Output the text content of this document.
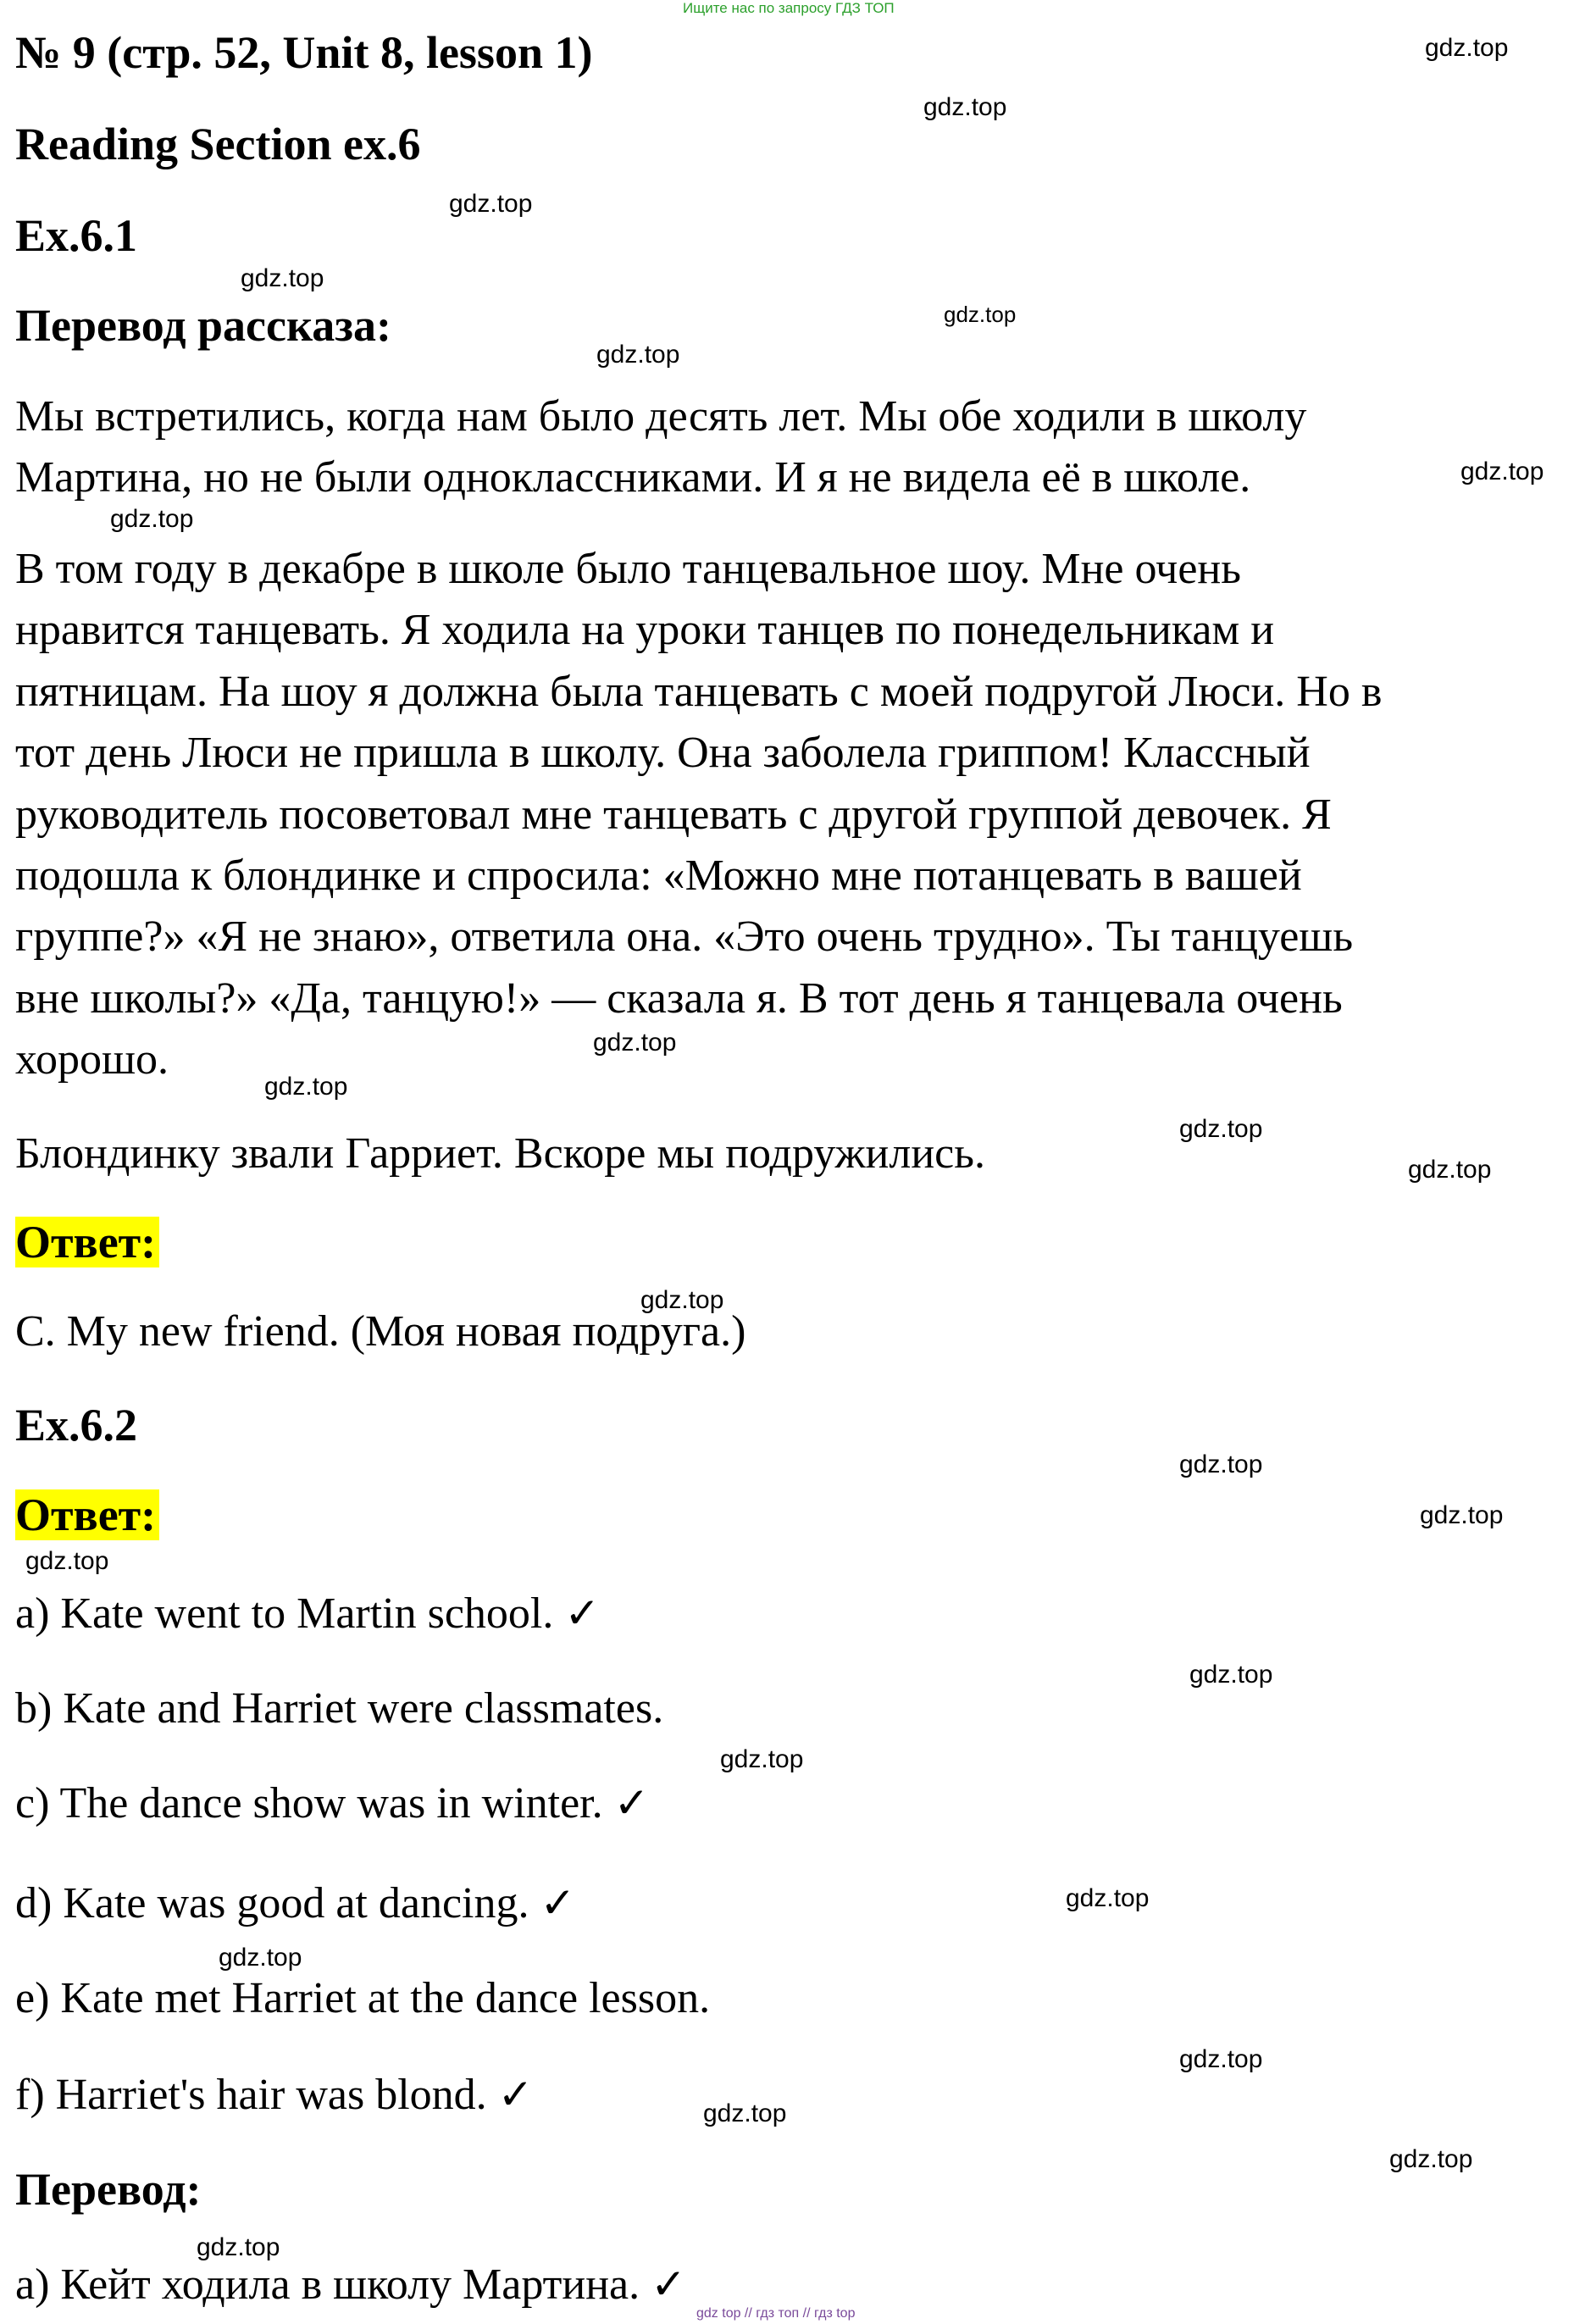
Ищите нас по запросу ГДЗ ТОП
№ 9 (стр. 52, Unit 8, lesson 1)
Reading Section ex.6
Ex.6.1
Перевод рассказа:
Мы встретились, когда нам было десять лет. Мы обе ходили в школу
Мартина, но не были одноклассниками. И я не видела её в школе.
В том году в декабре в школе было танцевальное шоу. Мне очень
нравится танцевать. Я ходила на уроки танцев по понедельникам и
пятницам. На шоу я должна была танцевать с моей подругой Люси. Но в
тот день Люси не пришла в школу. Она заболела гриппом! Классный
руководитель посоветовал мне танцевать с другой группой девочек. Я
подошла к блондинке и спросила: «Можно мне потанцевать в вашей
группе?» «Я не знаю», ответила она. «Это очень трудно». Ты танцуешь
вне школы?» «Да, танцую!» — сказала я. В тот день я танцевала очень
хорошо.
Блондинку звали Гарриет. Вскоре мы подружились.
Ответ:
C. My new friend. (Моя новая подруга.)
Ex.6.2
Ответ:
a) Kate went to Martin school. ✓
b) Kate and Harriet were classmates.
c) The dance show was in winter. ✓
d) Kate was good at dancing. ✓
e) Kate met Harriet at the dance lesson.
f) Harriet's hair was blond. ✓
Перевод:
а) Кейт ходила в школу Мартина. ✓
gdz.top
gdz.top
gdz.top
gdz.top
gdz.top
gdz.top
gdz.top
gdz.top
gdz.top
gdz.top
gdz.top
gdz.top
gdz.top
gdz.top
gdz.top
gdz.top
gdz.top
gdz.top
gdz.top
gdz.top
gdz.top
gdz.top
gdz.top
gdz.top
gdz top // гдз топ // гдз top
